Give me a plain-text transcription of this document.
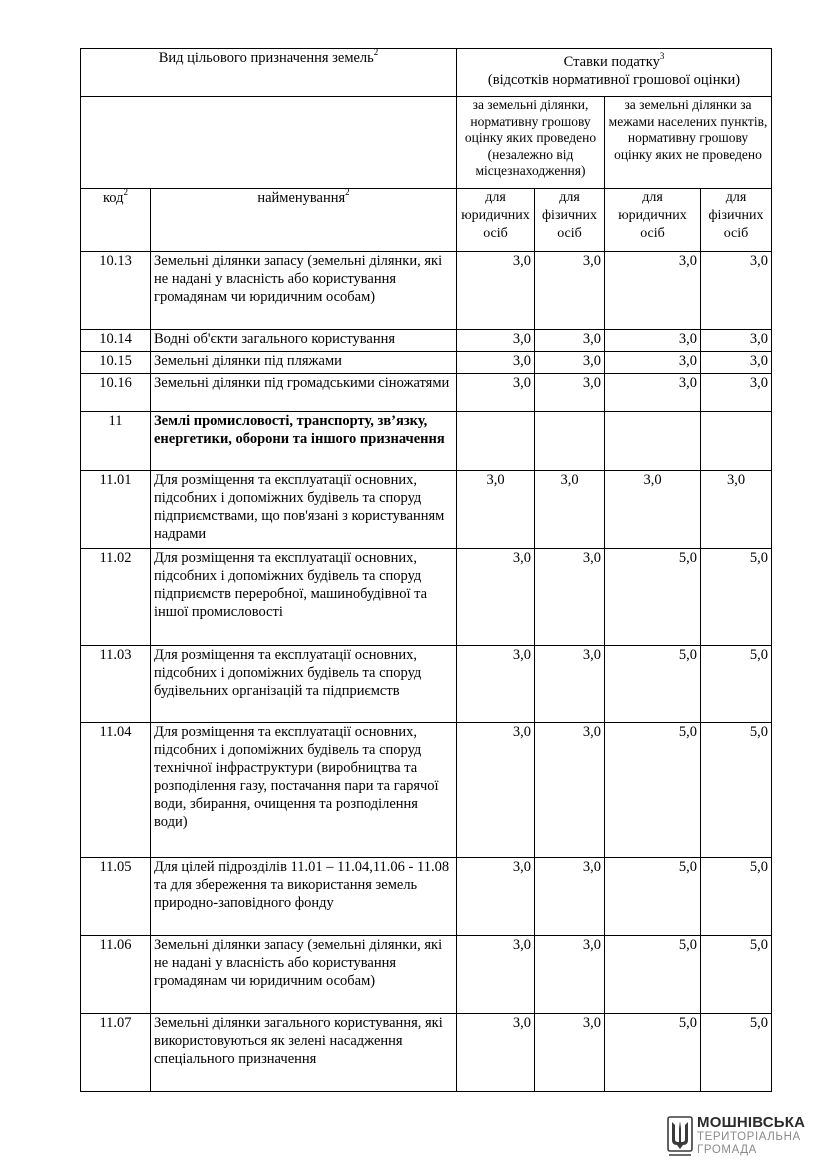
Вид цільового призначення земель$^2$		Ставки податку$^3$
(відсотків нормативної грошової оцінки)			

		за земельні ділянки, нормативну грошову оцінку яких проведено (незалежно від місцезнаходження)		за земельні ділянки за межами населених пунктів, нормативну грошову оцінку яких не проведено	
код$^2$	найменування$^2$	для юридичних осіб	для фізичних осіб	для юридичних осіб	для фізичних осіб
10.13	Земельні ділянки запасу (земельні ділянки, які не надані у власність або користування громадянам чи юридичним особам)	3,0	3,0	3,0	3,0
10.14	Водні об'єкти загального користування	3,0	3,0	3,0	3,0
10.15	Земельні ділянки під пляжами	3,0	3,0	3,0	3,0
10.16	Земельні ділянки під громадськими сіножатями	3,0	3,0	3,0	3,0
11	Землі промисловості, транспорту, зв’язку, енергетики, оборони та іншого призначення				
11.01	Для розміщення та експлуатації основних, підсобних і допоміжних будівель та споруд підприємствами, що пов'язані з користуванням надрами	3,0	3,0	3,0	3,0
11.02	Для розміщення та експлуатації основних, підсобних і допоміжних будівель та споруд підприємств переробної, машинобудівної та іншої промисловості	3,0	3,0	5,0	5,0
11.03	Для розміщення та експлуатації основних, підсобних і допоміжних будівель та споруд будівельних організацій та підприємств	3,0	3,0	5,0	5,0
11.04	Для розміщення та експлуатації основних, підсобних і допоміжних будівель та споруд технічної інфраструктури (виробництва та розподілення газу, постачання пари та гарячої води, збирання, очищення та розподілення води)	3,0	3,0	5,0	5,0
11.05	Для цілей підрозділів 11.01 – 11.04,11.06 - 11.08 та для збереження та використання земель природно-заповідного фонду	3,0	3,0	5,0	5,0
11.06	Земельні ділянки запасу (земельні ділянки, які не надані у власність або користування громадянам чи юридичним особам)	3,0	3,0	5,0	5,0
11.07	Земельні ділянки загального користування, які використовуються як зелені насадження спеціального призначення	3,0	3,0	5,0	5,0
МОШНІВСЬКА
ТЕРИТОРІАЛЬНА
ГРОМАДА
